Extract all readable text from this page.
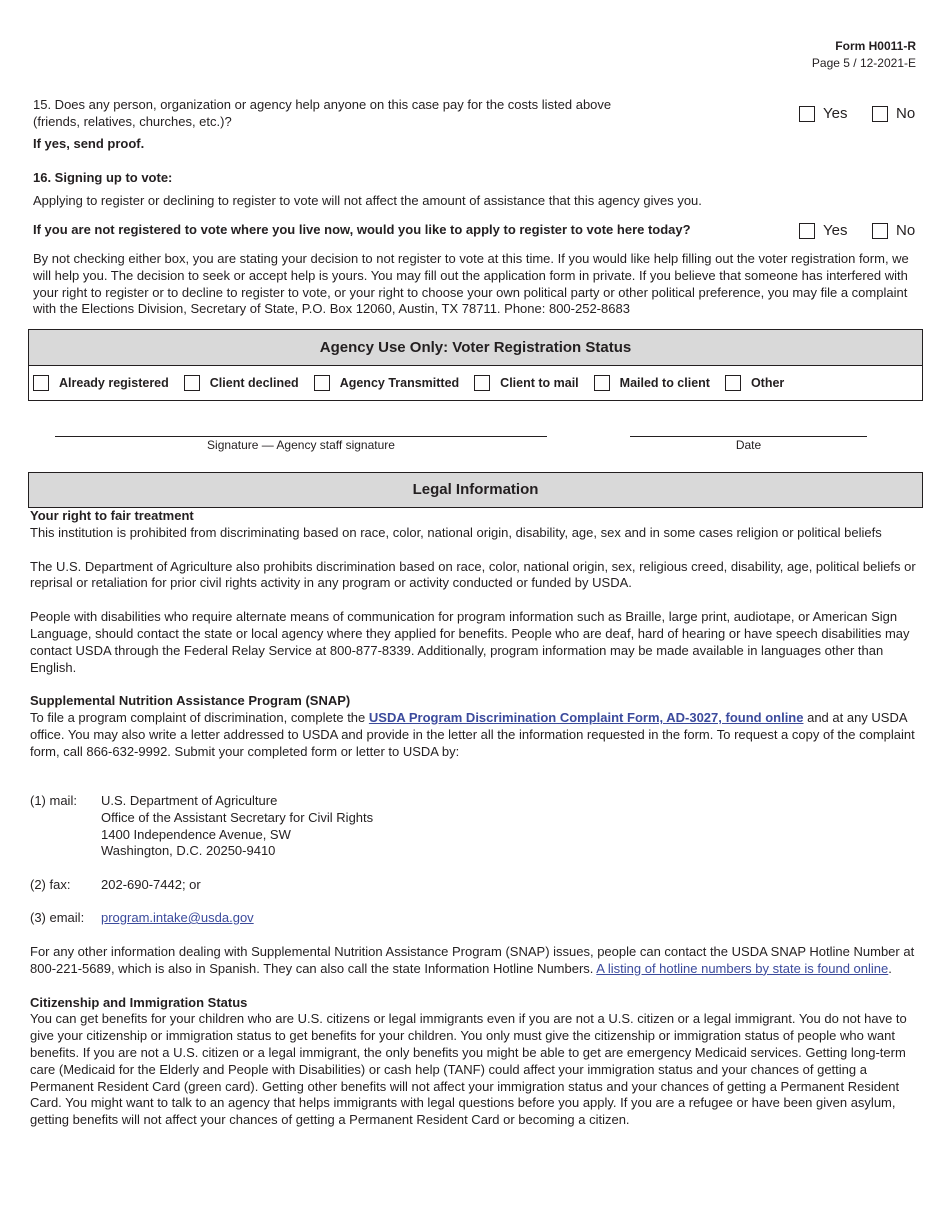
Form H0011-R
Page 5 / 12-2021-E
15. Does any person, organization or agency help anyone on this case pay for the costs listed above
(friends, relatives, churches, etc.)?
If yes, send proof.
Yes	No
16. Signing up to vote:
Applying to register or declining to register to vote will not affect the amount of assistance that this agency gives you.
If you are not registered to vote where you live now, would you like to apply to register to vote here today?	Yes	No
By not checking either box, you are stating your decision to not register to vote at this time. If you would like help filling out the voter registration form, we will help you. The decision to seek or accept help is yours. You may fill out the application form in private. If you believe that someone has interfered with your right to register or to decline to register to vote, or your right to choose your own political party or other political preference, you may file a complaint with the Elections Division, Secretary of State, P.O. Box 12060, Austin, TX 78711. Phone: 800-252-8683
Agency Use Only: Voter Registration Status
Already registered	Client declined	Agency Transmitted	Client to mail	Mailed to client	Other
Signature — Agency staff signature	Date
Legal Information
Your right to fair treatment
This institution is prohibited from discriminating based on race, color, national origin, disability, age, sex and in some cases religion or political beliefs
The U.S. Department of Agriculture also prohibits discrimination based on race, color, national origin, sex, religious creed, disability, age, political beliefs or reprisal or retaliation for prior civil rights activity in any program or activity conducted or funded by USDA.
People with disabilities who require alternate means of communication for program information such as Braille, large print, audiotape, or American Sign Language, should contact the state or local agency where they applied for benefits. People who are deaf, hard of hearing or have speech disabilities may contact USDA through the Federal Relay Service at 800-877-8339. Additionally, program information may be made available in languages other than English.
Supplemental Nutrition Assistance Program (SNAP)
To file a program complaint of discrimination, complete the USDA Program Discrimination Complaint Form, AD-3027, found online and at any USDA office. You may also write a letter addressed to USDA and provide in the letter all the information requested in the form. To request a copy of the complaint form, call 866-632-9992. Submit your completed form or letter to USDA by:
(1) mail: U.S. Department of Agriculture
Office of the Assistant Secretary for Civil Rights
1400 Independence Avenue, SW
Washington, D.C. 20250-9410
(2) fax: 202-690-7442; or
(3) email: program.intake@usda.gov
For any other information dealing with Supplemental Nutrition Assistance Program (SNAP) issues, people can contact the USDA SNAP Hotline Number at 800-221-5689, which is also in Spanish. They can also call the state Information Hotline Numbers. A listing of hotline numbers by state is found online.
Citizenship and Immigration Status
You can get benefits for your children who are U.S. citizens or legal immigrants even if you are not a U.S. citizen or a legal immigrant. You do not have to give your citizenship or immigration status to get benefits for your children. You only must give the citizenship or immigration status of people who want benefits. If you are not a U.S. citizen or a legal immigrant, the only benefits you might be able to get are emergency Medicaid services. Getting long-term care (Medicaid for the Elderly and People with Disabilities) or cash help (TANF) could affect your immigration status and your chances of getting a Permanent Resident Card (green card). Getting other benefits will not affect your immigration status and your chances of getting a Permanent Resident Card. You might want to talk to an agency that helps immigrants with legal questions before you apply. If you are a refugee or have been given asylum, getting benefits will not affect your chances of getting a Permanent Resident Card or becoming a citizen.
